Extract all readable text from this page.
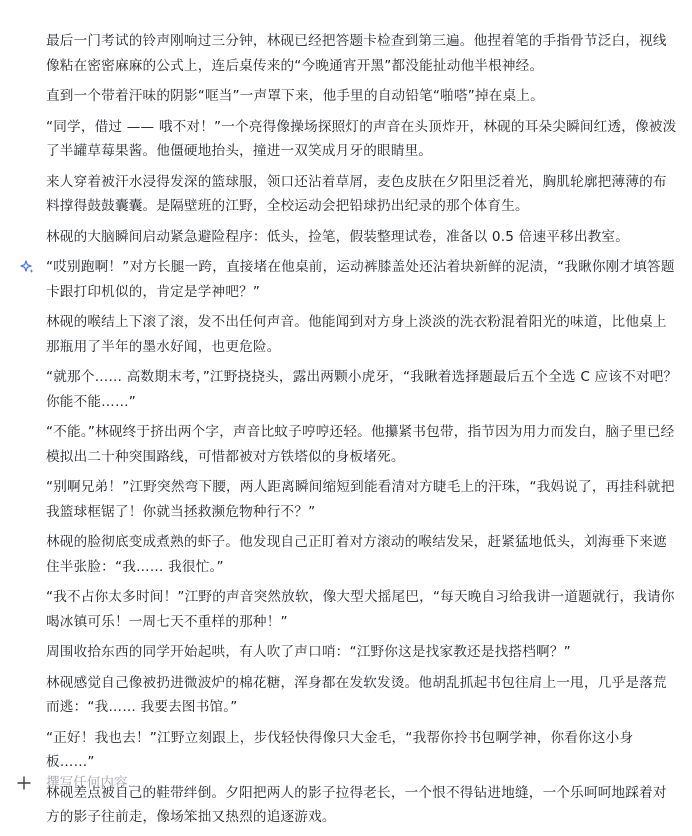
最后一门考试的铃声刚响过三分钟，林砚已经把答题卡检查到第三遍。他捏着笔的手指骨节泛白，视线像粘在密密麻麻的公式上，连后桌传来的“今晚通宵开黑”都没能扯动他半根神经。

直到一个带着汗味的阴影“哐当”一声罩下来，他手里的自动铅笔“啪嗒”掉在桌上。

“同学，借过 —— 哦不对！”一个亮得像操场探照灯的声音在头顶炸开，林砚的耳朵尖瞬间红透，像被泼了半罐草莓果酱。他僵硬地抬头，撞进一双笑成月牙的眼睛里。

来人穿着被汗水浸得发深的篮球服，领口还沾着草屑，麦色皮肤在夕阳里泛着光，胸肌轮廓把薄薄的布料撑得鼓鼓囊囊。是隔壁班的江野，全校运动会把铅球扔出纪录的那个体育生。

林砚的大脑瞬间启动紧急避险程序：低头，捡笔，假装整理试卷，准备以 0.5 倍速平移出教室。

“哎别跑啊！”对方长腿一跨，直接堵在他桌前，运动裤膝盖处还沾着块新鲜的泥渍，“我瞅你刚才填答题卡跟打印机似的，肯定是学神吧？”

林砚的喉结上下滚了滚，发不出任何声音。他能闻到对方身上淡淡的洗衣粉混着阳光的味道，比他桌上那瓶用了半年的墨水好闻，也更危险。

“就那个…… 高数期末考，”江野挠挠头，露出两颗小虎牙，“我瞅着选择题最后五个全选 C 应该不对吧？你能不能……”

“不能。”林砚终于挤出两个字，声音比蚊子哼哼还轻。他攥紧书包带，指节因为用力而发白，脑子里已经模拟出二十种突围路线，可惜都被对方铁塔似的身板堵死。

“别啊兄弟！”江野突然弯下腰，两人距离瞬间缩短到能看清对方睫毛上的汗珠，“我妈说了，再挂科就把我篮球框锯了！你就当拯救濒危物种行不？”

林砚的脸彻底变成煮熟的虾子。他发现自己正盯着对方滚动的喉结发呆，赶紧猛地低头，刘海垂下来遮住半张脸：“我…… 我很忙。”

“我不占你太多时间！”江野的声音突然放软，像大型犬摇尾巴，“每天晚自习给我讲一道题就行，我请你喝冰镇可乐！一周七天不重样的那种！”

周围收拾东西的同学开始起哄，有人吹了声口哨：“江野你这是找家教还是找搭档啊？”

林砚感觉自己像被扔进微波炉的棉花糖，浑身都在发软发烫。他胡乱抓起书包往肩上一甩，几乎是落荒而逃：“我…… 我要去图书馆。”

“正好！我也去！”江野立刻跟上，步伐轻快得像只大金毛，“我帮你拎书包啊学神，你看你这小身板……”

林砚差点被自己的鞋带绊倒。夕阳把两人的影子拉得老长，一个恨不得钻进地缝，一个乐呵呵地踩着对方的影子往前走，像场笨拙又热烈的追逐游戏。

撰写任何内容...
